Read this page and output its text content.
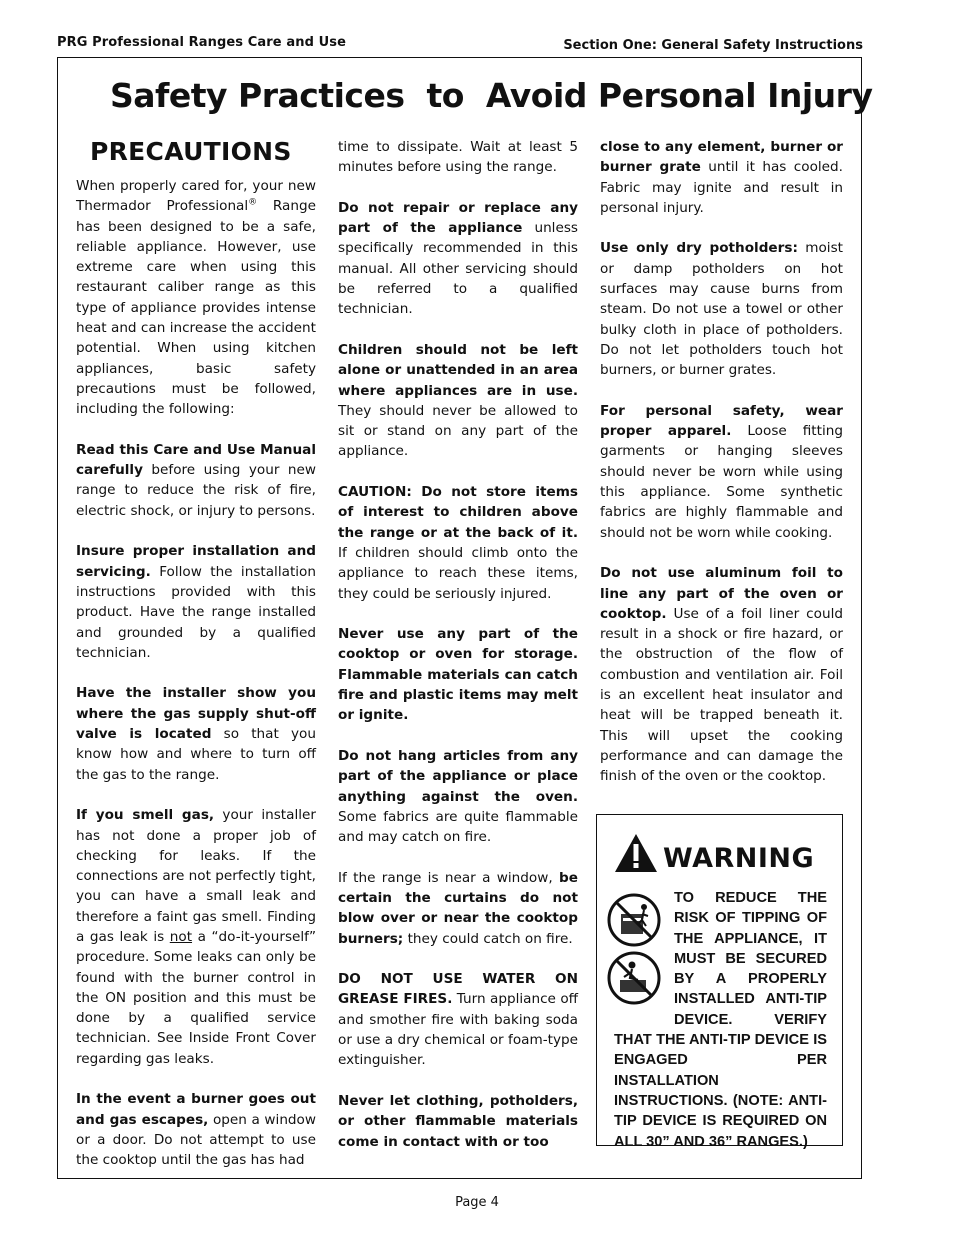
PRG Professional Ranges Care and Use	Section One: General Safety Instructions
Safety Practices  to  Avoid Personal Injury
PRECAUTIONS

When properly cared for, your new Thermador Professional® Range has been designed to be a safe, reliable appliance. However, use extreme care when using this restaurant caliber range as this type of appliance provides intense heat and can increase the accident potential. When using kitchen appliances, basic safety precautions must be followed, including the following:

Read this Care and Use Manual carefully before using your new range to reduce the risk of fire, electric shock, or injury to persons.

Insure proper installation and servicing. Follow the installation instructions provided with this product. Have the range installed and grounded by a qualified technician.

Have the installer show you where the gas supply shut-off valve is located so that you know how and where to turn off the gas to the range.

If you smell gas, your installer has not done a proper job of checking for leaks. If the connections are not perfectly tight, you can have a small leak and therefore a faint gas smell. Finding a gas leak is not a “do-it-yourself” procedure. Some leaks can only be found with the burner control in the ON position and this must be done by a qualified service technician. See Inside Front Cover regarding gas leaks.

In the event a burner goes out and gas escapes, open a window or a door. Do not attempt to use the cooktop until the gas has had

time to dissipate. Wait at least 5 minutes before using the range.

Do not repair or replace any part of the appliance unless specifically recommended in this manual. All other servicing should be referred to a qualified technician.

Children should not be left alone or unattended in an area where appliances are in use. They should never be allowed to sit or stand on any part of the appliance.

CAUTION: Do not store items of interest to children above the range or at the back of it. If children should climb onto the appliance to reach these items, they could be seriously injured.

Never use any part of the cooktop or oven for storage. Flammable materials can catch fire and plastic items may melt or ignite.

Do not hang articles from any part of the appliance or place anything against the oven. Some fabrics are quite flammable and may catch on fire.

If the range is near a window, be certain the curtains do not blow over or near the cooktop burners; they could catch on fire.

DO NOT USE WATER ON GREASE FIRES. Turn appliance off and smother fire with baking soda or use a dry chemical or foam-type extinguisher.

Never let clothing, potholders, or other flammable materials come in contact with or too

close to any element, burner or burner grate until it has cooled. Fabric may ignite and result in personal injury.

Use only dry potholders: moist or damp potholders on hot surfaces may cause burns from steam. Do not use a towel or other bulky cloth in place of potholders. Do not let potholders touch hot burners, or burner grates.

For personal safety, wear proper apparel. Loose fitting garments or hanging sleeves should never be worn while using this appliance. Some synthetic fabrics are highly flammable and should not be worn while cooking.

Do not use aluminum foil to line any part of the oven or cooktop. Use of a foil liner could result in a shock or fire hazard, or the obstruction of the flow of combustion and ventilation air. Foil is an excellent heat insulator and heat will be trapped beneath it. This will upset the cooking performance and can damage the finish of the oven or the cooktop.

WARNING
TO REDUCE THE RISK OF TIPPING OF THE APPLIANCE, IT MUST BE SECURED BY A PROPERLY INSTALLED ANTI-TIP DEVICE. VERIFY THAT THE ANTI-TIP DEVICE IS ENGAGED PER INSTALLATION INSTRUCTIONS. (NOTE: ANTI-TIP DEVICE IS REQUIRED ON ALL 30” AND 36” RANGES.)
Page 4
